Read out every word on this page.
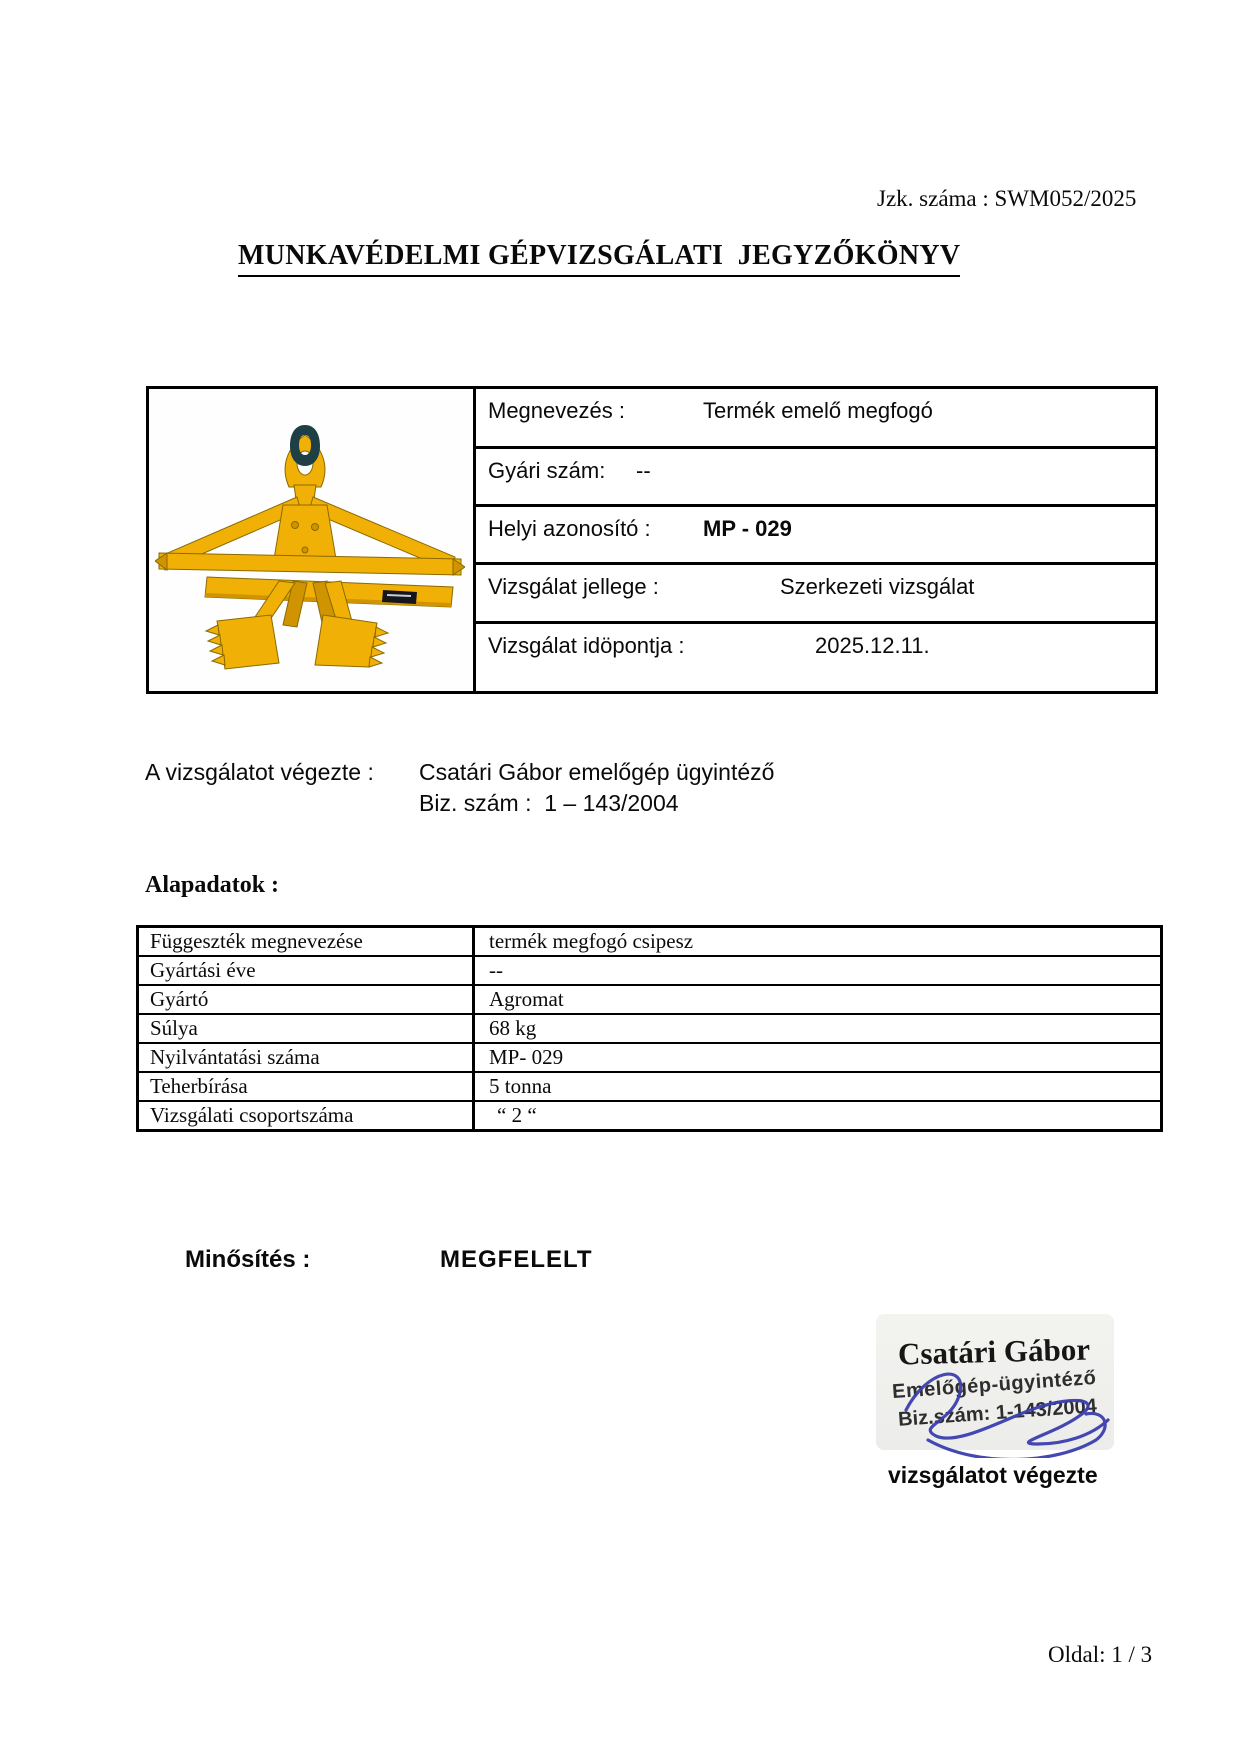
Jzk. száma : SWM052/2025
MUNKAVÉDELMI GÉPVIZSGÁLATI  JEGYZŐKÖNYV
Megnevezés :	Termék emelő megfogó
Gyári szám: --
Helyi azonosító : MP - 029
Vizsgálat jellege :	Szerkezeti vizsgálat
Vizsgálat idöpontja :	2025.12.11.
A vizsgálatot végezte :	Csatári Gábor emelőgép ügyintéző
Biz. szám :  1 – 143/2004
Alapadatok :
Függeszték megnevezése	termék megfogó csipesz
Gyártási éve	--
Gyártó	Agromat
Súlya	68 kg
Nyilvántatási száma	MP- 029
Teherbírása	5 tonna
Vizsgálati csoportszáma	“ 2 “
Minősítés :	MEGFELELT
Csatári Gábor
Emelőgép-ügyintéző
Biz.szám: 1-143/2004
vizsgálatot végezte
Oldal: 1 / 3
